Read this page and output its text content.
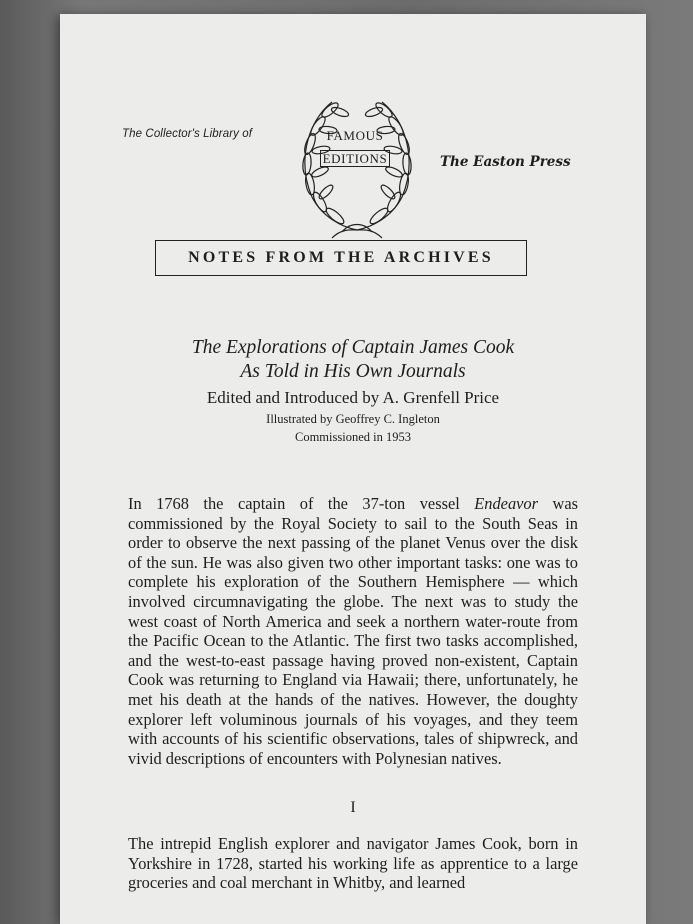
The Collector's Library of	FAMOUS
EDITIONS	The Easton Press
NOTES FROM THE ARCHIVES
The Explorations of Captain James Cook
As Told in His Own Journals
Edited and Introduced by A. Grenfell Price
Illustrated by Geoffrey C. Ingleton
Commissioned in 1953

In 1768 the captain of the 37-ton vessel Endeavor was commissioned by the Royal Society to sail to the South Seas in order to observe the next passing of the planet Venus over the disk of the sun. He was also given two other important tasks: one was to complete his exploration of the Southern Hemisphere — which involved circumnavigating the globe. The next was to study the west coast of North America and seek a northern water-route from the Pacific Ocean to the Atlantic. The first two tasks accomplished, and the west-to-east passage having proved non-existent, Captain Cook was returning to England via Hawaii; there, unfortunately, he met his death at the hands of the natives. However, the doughty explorer left voluminous journals of his voyages, and they teem with accounts of his scientific observations, tales of shipwreck, and vivid descriptions of encounters with Polynesian natives.

I

The intrepid English explorer and navigator James Cook, born in Yorkshire in 1728, started his working life as apprentice to a large groceries and coal merchant in Whitby, and learned
